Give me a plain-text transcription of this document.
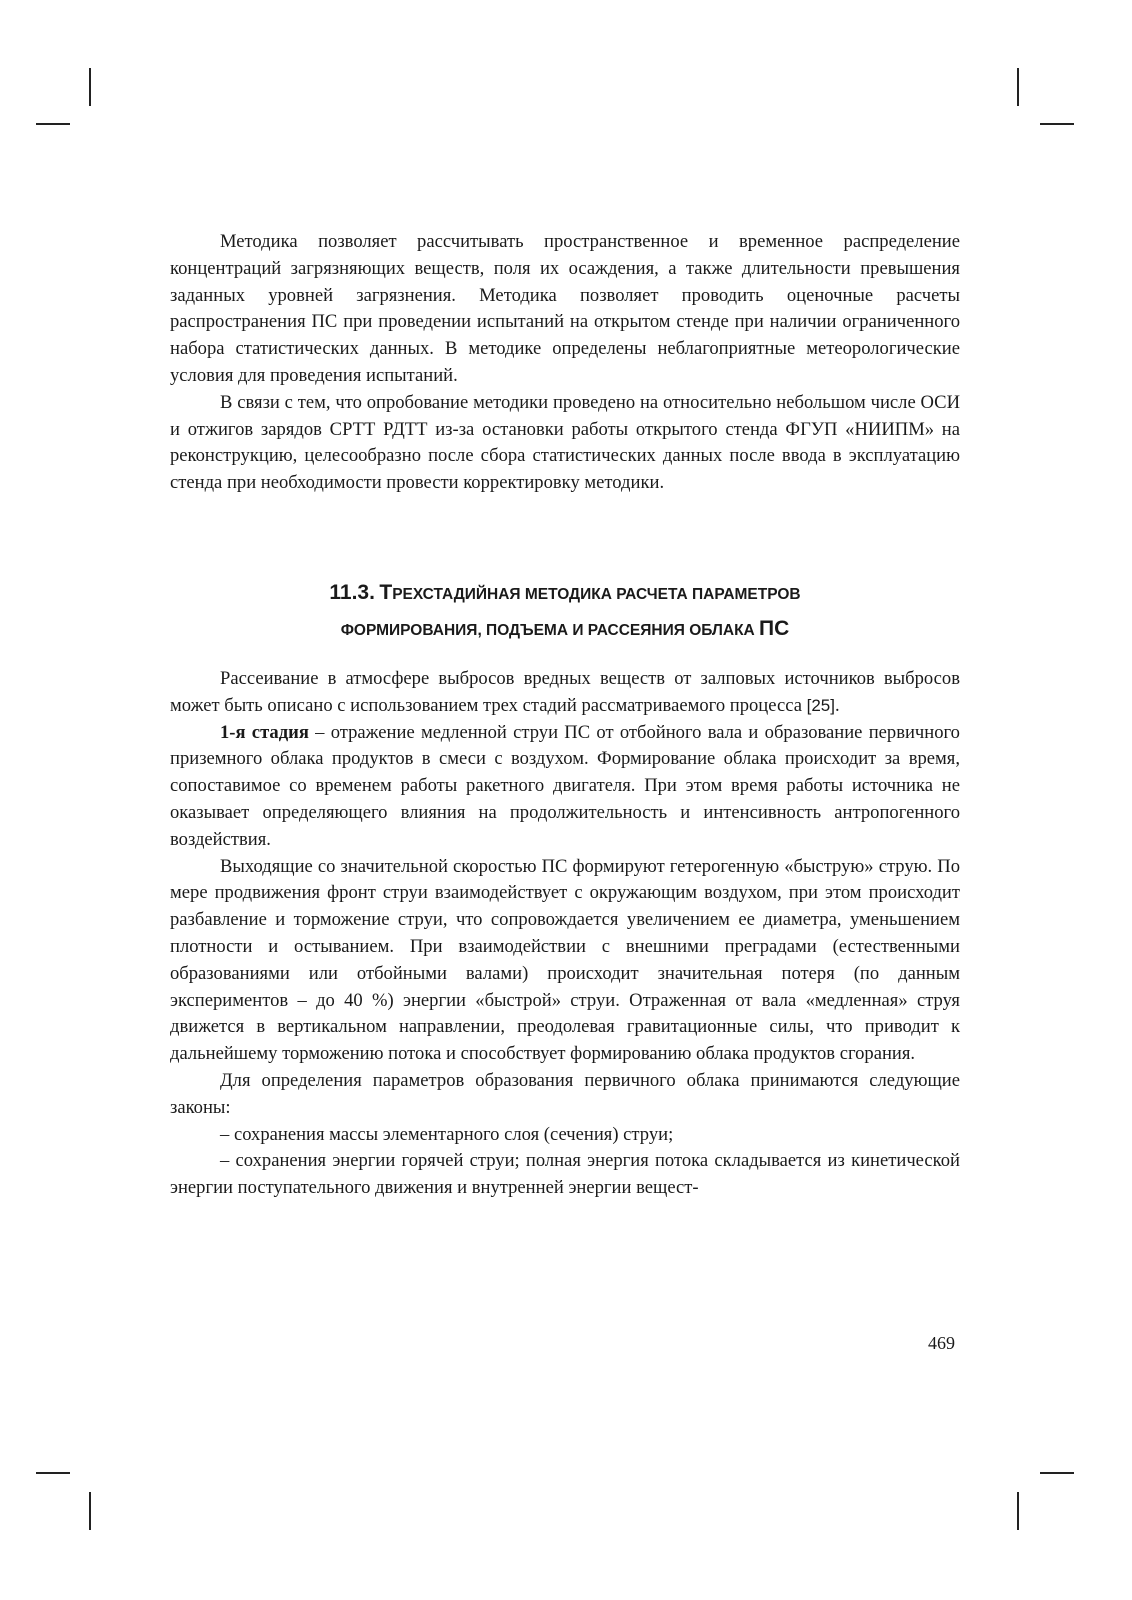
Методика позволяет рассчитывать пространственное и временное распределение концентраций загрязняющих веществ, поля их осаждения, а также длительности превышения заданных уровней загрязнения. Методика позволяет проводить оценочные расчеты распространения ПС при проведении испытаний на открытом стенде при наличии ограниченного набора статистических данных. В методике определены неблагоприятные метеорологические условия для проведения испытаний.

В связи с тем, что опробование методики проведено на относительно небольшом числе ОСИ и отжигов зарядов СРТТ РДТТ из-за остановки работы открытого стенда ФГУП «НИИПМ» на реконструкцию, целесообразно после сбора статистических данных после ввода в эксплуатацию стенда при необходимости провести корректировку методики.

11.3. ТРЕХСТАДИЙНАЯ МЕТОДИКА РАСЧЕТА ПАРАМЕТРОВ
ФОРМИРОВАНИЯ, ПОДЪЕМА И РАССЕЯНИЯ ОБЛАКА ПС

Рассеивание в атмосфере выбросов вредных веществ от залповых источников выбросов может быть описано с использованием трех стадий рассматриваемого процесса [25].

1-я стадия – отражение медленной струи ПС от отбойного вала и образование первичного приземного облака продуктов в смеси с воздухом. Формирование облака происходит за время, сопоставимое со временем работы ракетного двигателя. При этом время работы источника не оказывает определяющего влияния на продолжительность и интенсивность антропогенного воздействия.

Выходящие со значительной скоростью ПС формируют гетерогенную «быструю» струю. По мере продвижения фронт струи взаимодействует с окружающим воздухом, при этом происходит разбавление и торможение струи, что сопровождается увеличением ее диаметра, уменьшением плотности и остыванием. При взаимодействии с внешними преградами (естественными образованиями или отбойными валами) происходит значительная потеря (по данным экспериментов – до 40 %) энергии «быстрой» струи. Отраженная от вала «медленная» струя движется в вертикальном направлении, преодолевая гравитационные силы, что приводит к дальнейшему торможению потока и способствует формированию облака продуктов сгорания.

Для определения параметров образования первичного облака принимаются следующие законы:

– сохранения массы элементарного слоя (сечения) струи;

– сохранения энергии горячей струи; полная энергия потока складывается из кинетической энергии поступательного движения и внутренней энергии вещест-

469
